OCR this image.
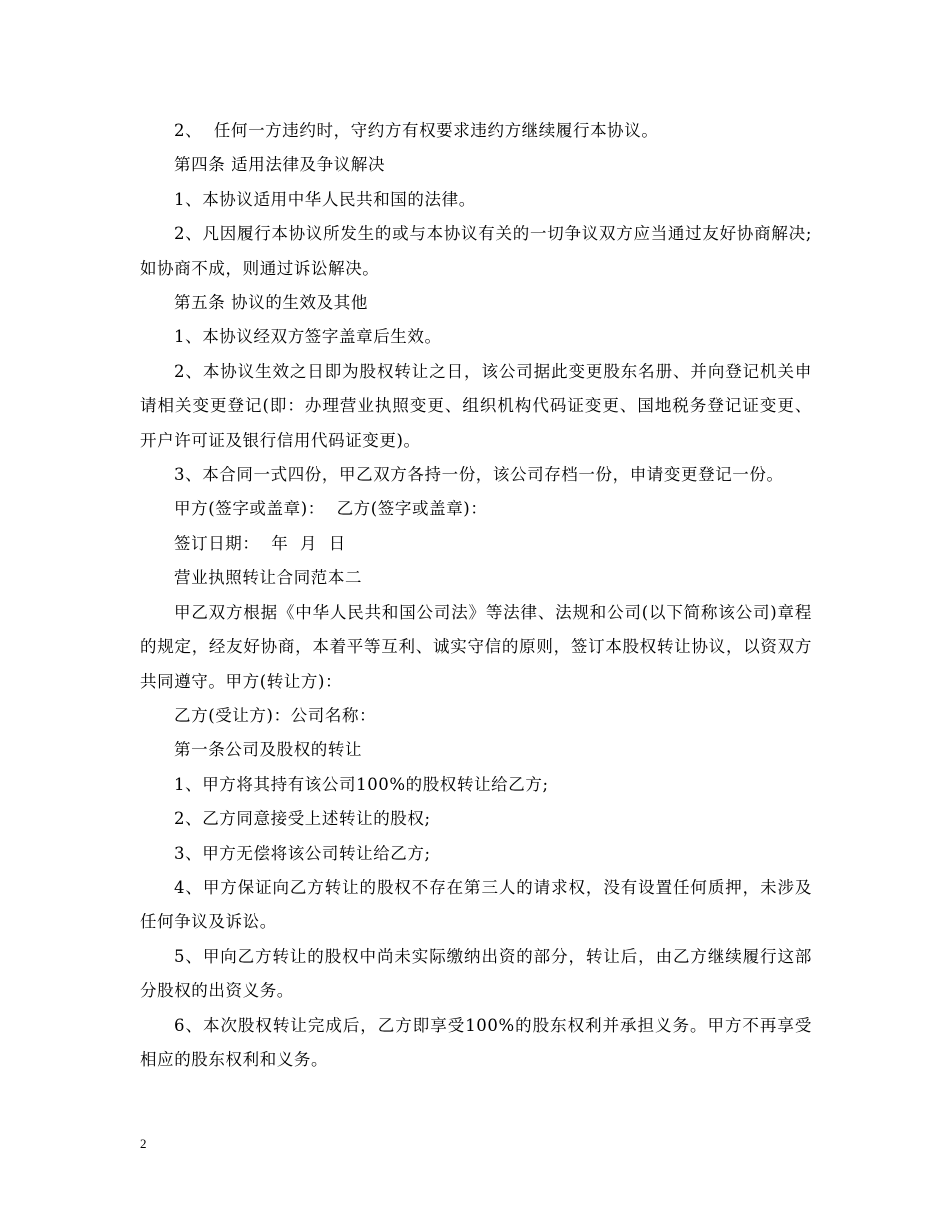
2、  任何一方违约时，守约方有权要求违约方继续履行本协议。

第四条 适用法律及争议解决

1、本协议适用中华人民共和国的法律。

2、凡因履行本协议所发生的或与本协议有关的一切争议双方应当通过友好协商解决;如协商不成，则通过诉讼解决。

第五条 协议的生效及其他

1、本协议经双方签字盖章后生效。

2、本协议生效之日即为股权转让之日，该公司据此变更股东名册、并向登记机关申请相关变更登记(即：办理营业执照变更、组织机构代码证变更、国地税务登记证变更、开户许可证及银行信用代码证变更)。

3、本合同一式四份，甲乙双方各持一份，该公司存档一份，申请变更登记一份。

甲方(签字或盖章)：  乙方(签字或盖章)：

签订日期：  年  月  日

营业执照转让合同范本二

甲乙双方根据《中华人民共和国公司法》等法律、法规和公司(以下简称该公司)章程的规定，经友好协商，本着平等互利、诚实守信的原则，签订本股权转让协议，以资双方共同遵守。甲方(转让方)：

乙方(受让方)：公司名称：

第一条公司及股权的转让

1、甲方将其持有该公司100%的股权转让给乙方;

2、乙方同意接受上述转让的股权;

3、甲方无偿将该公司转让给乙方;

4、甲方保证向乙方转让的股权不存在第三人的请求权，没有设置任何质押，未涉及任何争议及诉讼。

5、甲向乙方转让的股权中尚未实际缴纳出资的部分，转让后，由乙方继续履行这部分股权的出资义务。

6、本次股权转让完成后，乙方即享受100%的股东权利并承担义务。甲方不再享受相应的股东权利和义务。

2
